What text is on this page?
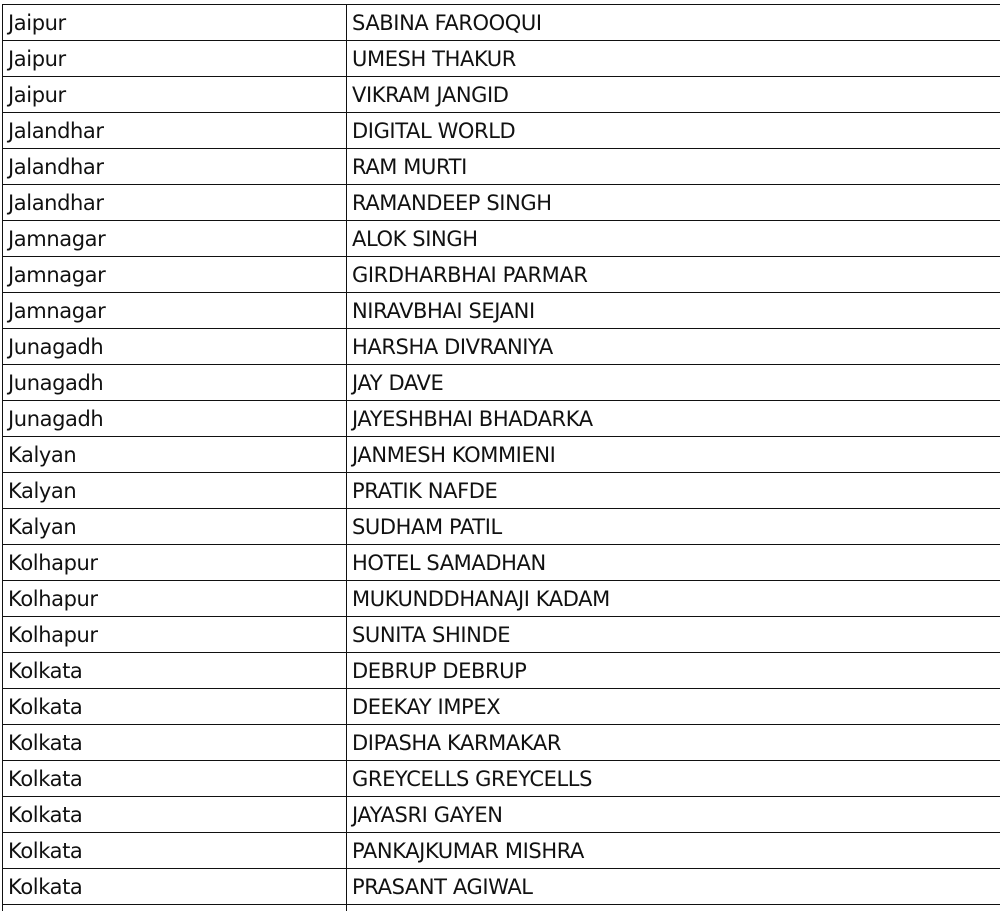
Jaipur	SABINA FAROOQUI
Jaipur	UMESH THAKUR
Jaipur	VIKRAM JANGID
Jalandhar	DIGITAL WORLD
Jalandhar	RAM MURTI
Jalandhar	RAMANDEEP SINGH
Jamnagar	ALOK SINGH
Jamnagar	GIRDHARBHAI PARMAR
Jamnagar	NIRAVBHAI SEJANI
Junagadh	HARSHA DIVRANIYA
Junagadh	JAY DAVE
Junagadh	JAYESHBHAI BHADARKA
Kalyan	JANMESH KOMMIENI
Kalyan	PRATIK NAFDE
Kalyan	SUDHAM PATIL
Kolhapur	HOTEL SAMADHAN
Kolhapur	MUKUNDDHANAJI KADAM
Kolhapur	SUNITA SHINDE
Kolkata	DEBRUP DEBRUP
Kolkata	DEEKAY IMPEX
Kolkata	DIPASHA KARMAKAR
Kolkata	GREYCELLS GREYCELLS
Kolkata	JAYASRI GAYEN
Kolkata	PANKAJKUMAR MISHRA
Kolkata	PRASANT AGIWAL
